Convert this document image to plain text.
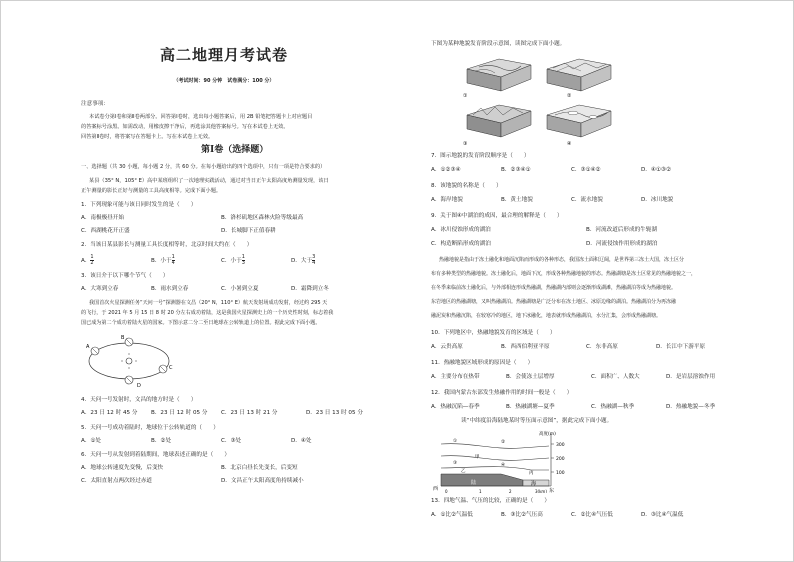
高二地理月考试卷
（考试时间：90 分钟　试卷满分：100 分）
注意事项：
本试卷分第Ⅰ卷和第Ⅱ卷两部分。回答第Ⅰ卷时，选出每小题答案后，用 2B 铅笔把答题卡上对应题目
的答案标号涂黑。如需改动，用橡皮擦干净后，再选涂其他答案标号。写在本试卷上无效。
回答第Ⅱ卷时，将答案写在答题卡上。写在本试卷上无效。
第Ⅰ卷（选择题）
一、选择题（共 30 小题，每小题 2 分，共 60 分。在每小题给出的四个选项中，只有一项是符合要求的）
某县（35° N，105° E）高中某班组织了一次地理实践活动，通过对当日正午太阳高度角测量发现，该日
正午测量的影长正好与测量的工具高度相等。完成下面小题。
1．下列现象可能与该日同时发生的是（　　）
A．南极极昼开始	B．洛杉矶地区森林火险等级最高
C．西湖桃花开正盛	D．长城脚下正值春耕
2．当该日某县影长与测量工具长度相等时，北京时间大约在（　　）
A． $\frac{1}{2}$	B．小于 $\frac{1}{4}$	C．小于 $\frac{1}{3}$	D．大于 $\frac{3}{4}$
3．该日介于以下哪个节气（　　）
A．大寒到立春	B．雨水到立春	C．小暑到立夏	D．霜降到立冬
我国首次火星探测任务“天问一号”探测器在文昌（20° N，110° E）航天发射场成功发射，经过约 295 天
的飞行，于 2021 年 5 月 15 日 8 时 20 分左右成功着陆，这是我国火星探测史上的一个历史性时刻，标志着我
国已成为第二个成功着陆火星的国家。下图示意二分二至日地球在公转轨道上的位置。据此完成下面小题。
A
B
C
D
4．天问一号发射时，文昌的地方时是（　　）
A．23 日 12 时 45 分 B．23 日 12 时 05 分 C．23 日 13 时 21 分	D．23 日 13 时 05 分
5．天问一号成功着陆时，地球位于公转轨道的（　　）
A．①处	B．②处	C．③处	D．④处
6．天问一号从发射到着陆期间，地球表述正确的是（　　）
A．地球公转速度先变慢，后变快	B．北京白昼长先变长，后变短
C．太阳直射点两次经过赤道	D．文昌正午太阳高度角持续减小
下图为某种地貌发育阶段示意图，读图完成下面小题。
①	②
③	④
7．图示地貌的发育阶段顺序是（　　）
A．①②③④	B．②③④①	C．③①④②	D．④①③②
8．该地貌的名称是（　　）
A．海岸地貌	B．黄土地貌	C．流水地貌	D．冰川地貌
9．关于图④中湖泊的成因，最合理的解释是（　　）
A．冰川侵蚀形成的湖泊	B．河流改道后形成的牛轭湖
C．构造断陷形成的湖泊	D．河流侵蚀作用形成的湖泊
热融地貌是指由于冻土融化和地面沉陷而形成的各种形态，我国冻土面积辽阔，是世界第三冻土大国，冻土区分
布有多种类型的热融地貌。冻土融化后，地面下沉，形成各种热融地貌的形态。热融湖塘是冻土区常见的热融地貌之一，
在冬季来临前冻土融化后，与外部相连形成热融湖，热融湖内部则会逐渐形成湖滩，热融湖泊等成为热融地貌。
东岩地区的热融湖塘，又叫热融湖泊。热融湖塘是广泛分布在冻土地区、冰原边缘的湖泊。热融湖泊分为再冻融
融泥炭和热融沉陷，在较寒冷的地区，地下冰融化，地表就形成热融湖泊，水分汇集，会形成热融湖塘。
10．下列地区中，热融地貌发育的区域是（　　）
A．云贵高原	B．西西伯利亚平原	C．东非高原	D．长江中下游平原
11．热融地貌区域形成的原因是（　　）
A．主要分布在热带	B．会使冻土层增厚	C．面积广、人数大	D．是岩层溶蚀作用
12．我国内蒙古东部发生热融作用的时间一般是（　　）
A．热融沉陷—春季	B．热融湖塘—夏季	C．热融湖—秋季	D．热融地貌—冬季
读“中纬度沿海陆地某时等压面示意图”，据此完成下面小题。
高度(m)
300
200
100
西
陆	海
东
0	1	2	3(km)
①	②
③	④
甲
乙	丙
13．四地气温、气压的比较，正确的是（　　）
A．①比②气温低	B．③比②气压高	C．②比④气压低	D．③比④气温低
